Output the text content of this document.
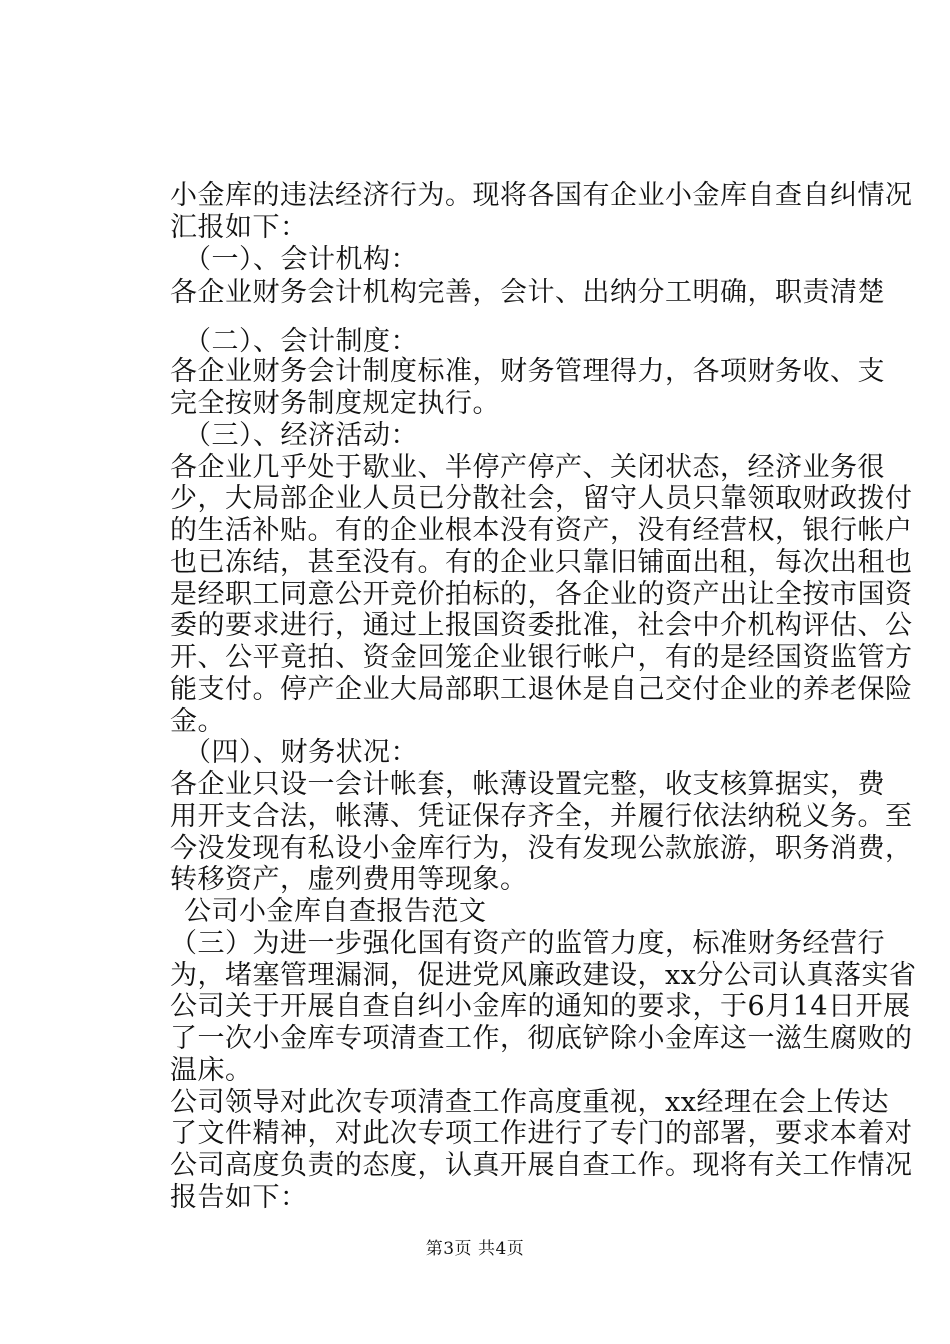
小金库的违法经济行为。现将各国有企业小金库自查自纠情况
汇报如下：
（一）、会计机构：
各企业财务会计机构完善，会计、出纳分工明确，职责清楚
（二）、会计制度：
各企业财务会计制度标准，财务管理得力，各项财务收、支
完全按财务制度规定执行。
（三）、经济活动：
各企业几乎处于歇业、半停产停产、关闭状态，经济业务很
少，大局部企业人员已分散社会，留守人员只靠领取财政拨付
的生活补贴。有的企业根本没有资产，没有经营权，银行帐户
也已冻结，甚至没有。有的企业只靠旧铺面出租，每次出租也
是经职工同意公开竞价拍标的，各企业的资产出让全按市国资
委的要求进行，通过上报国资委批准，社会中介机构评估、公
开、公平竟拍、资金回笼企业银行帐户，有的是经国资监管方
能支付。停产企业大局部职工退休是自己交付企业的养老保险
金。
（四）、财务状况：
各企业只设一会计帐套，帐薄设置完整，收支核算据实，费
用开支合法，帐薄、凭证保存齐全，并履行依法纳税义务。至
今没发现有私设小金库行为，没有发现公款旅游，职务消费，
转移资产，虚列费用等现象。
公司小金库自查报告范文
（三）为进一步强化国有资产的监管力度，标准财务经营行
为，堵塞管理漏洞，促进党风廉政建设，xx分公司认真落实省
公司关于开展自查自纠小金库的通知的要求，于6月14日开展
了一次小金库专项清查工作，彻底铲除小金库这一滋生腐败的
温床。
公司领导对此次专项清查工作高度重视，xx经理在会上传达
了文件精神，对此次专项工作进行了专门的部署，要求本着对
公司高度负责的态度，认真开展自查工作。现将有关工作情况
报告如下：
第3页 共4页
